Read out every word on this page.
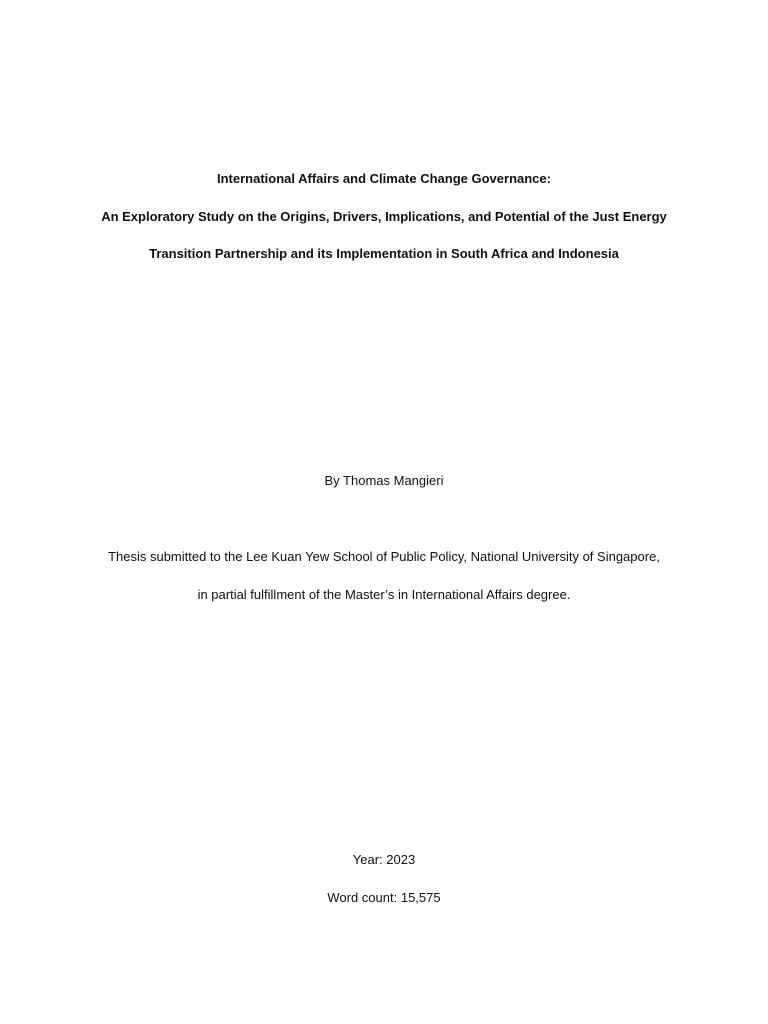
International Affairs and Climate Change Governance:
An Exploratory Study on the Origins, Drivers, Implications, and Potential of the Just Energy
Transition Partnership and its Implementation in South Africa and Indonesia
By Thomas Mangieri
Thesis submitted to the Lee Kuan Yew School of Public Policy, National University of Singapore,
in partial fulfillment of the Master’s in International Affairs degree.
Year: 2023
Word count: 15,575
